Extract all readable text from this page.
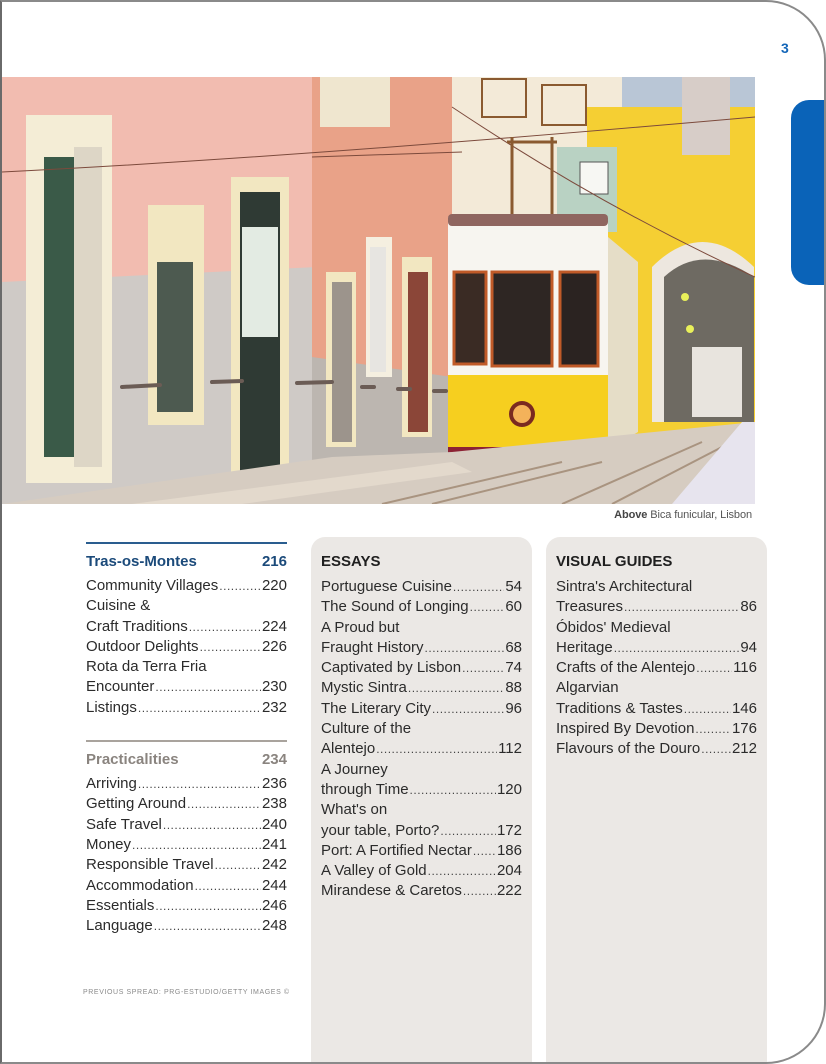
3
Above Bica funicular, Lisbon
Tras-os-Montes	216
Community Villages .....	220
Cuisine &
Craft Traditions .....	224
Outdoor Delights .....	226
Rota da Terra Fria
Encounter .....	230
Listings .....	232
Practicalities	234
Arriving .....	236
Getting Around .....	238
Safe Travel .....	240
Money .....	241
Responsible Travel .....	242
Accommodation .....	244
Essentials .....	246
Language .....	248
ESSAYS
Portuguese Cuisine .....	54
The Sound of Longing ..... 60
A Proud but
Fraught History .....	68
Captivated by Lisbon .....	74
Mystic Sintra .....	88
The Literary City .....	96
Culture of the
Alentejo .....	112
A Journey
through Time .....	120
What's on
your table, Porto? .....	172
Port: A Fortified Nectar ..... 186
A Valley of Gold .....	204
Mirandese & Caretos ..... 222
VISUAL GUIDES
Sintra's Architectural
Treasures .....	86
Óbidos' Medieval
Heritage .....	94
Crafts of the Alentejo .....	116
Algarvian
Traditions & Tastes .....	146
Inspired By Devotion .....	176
Flavours of the Douro ..... 212
PREVIOUS SPREAD: PRG-ESTUDIO/GETTY IMAGES ©
